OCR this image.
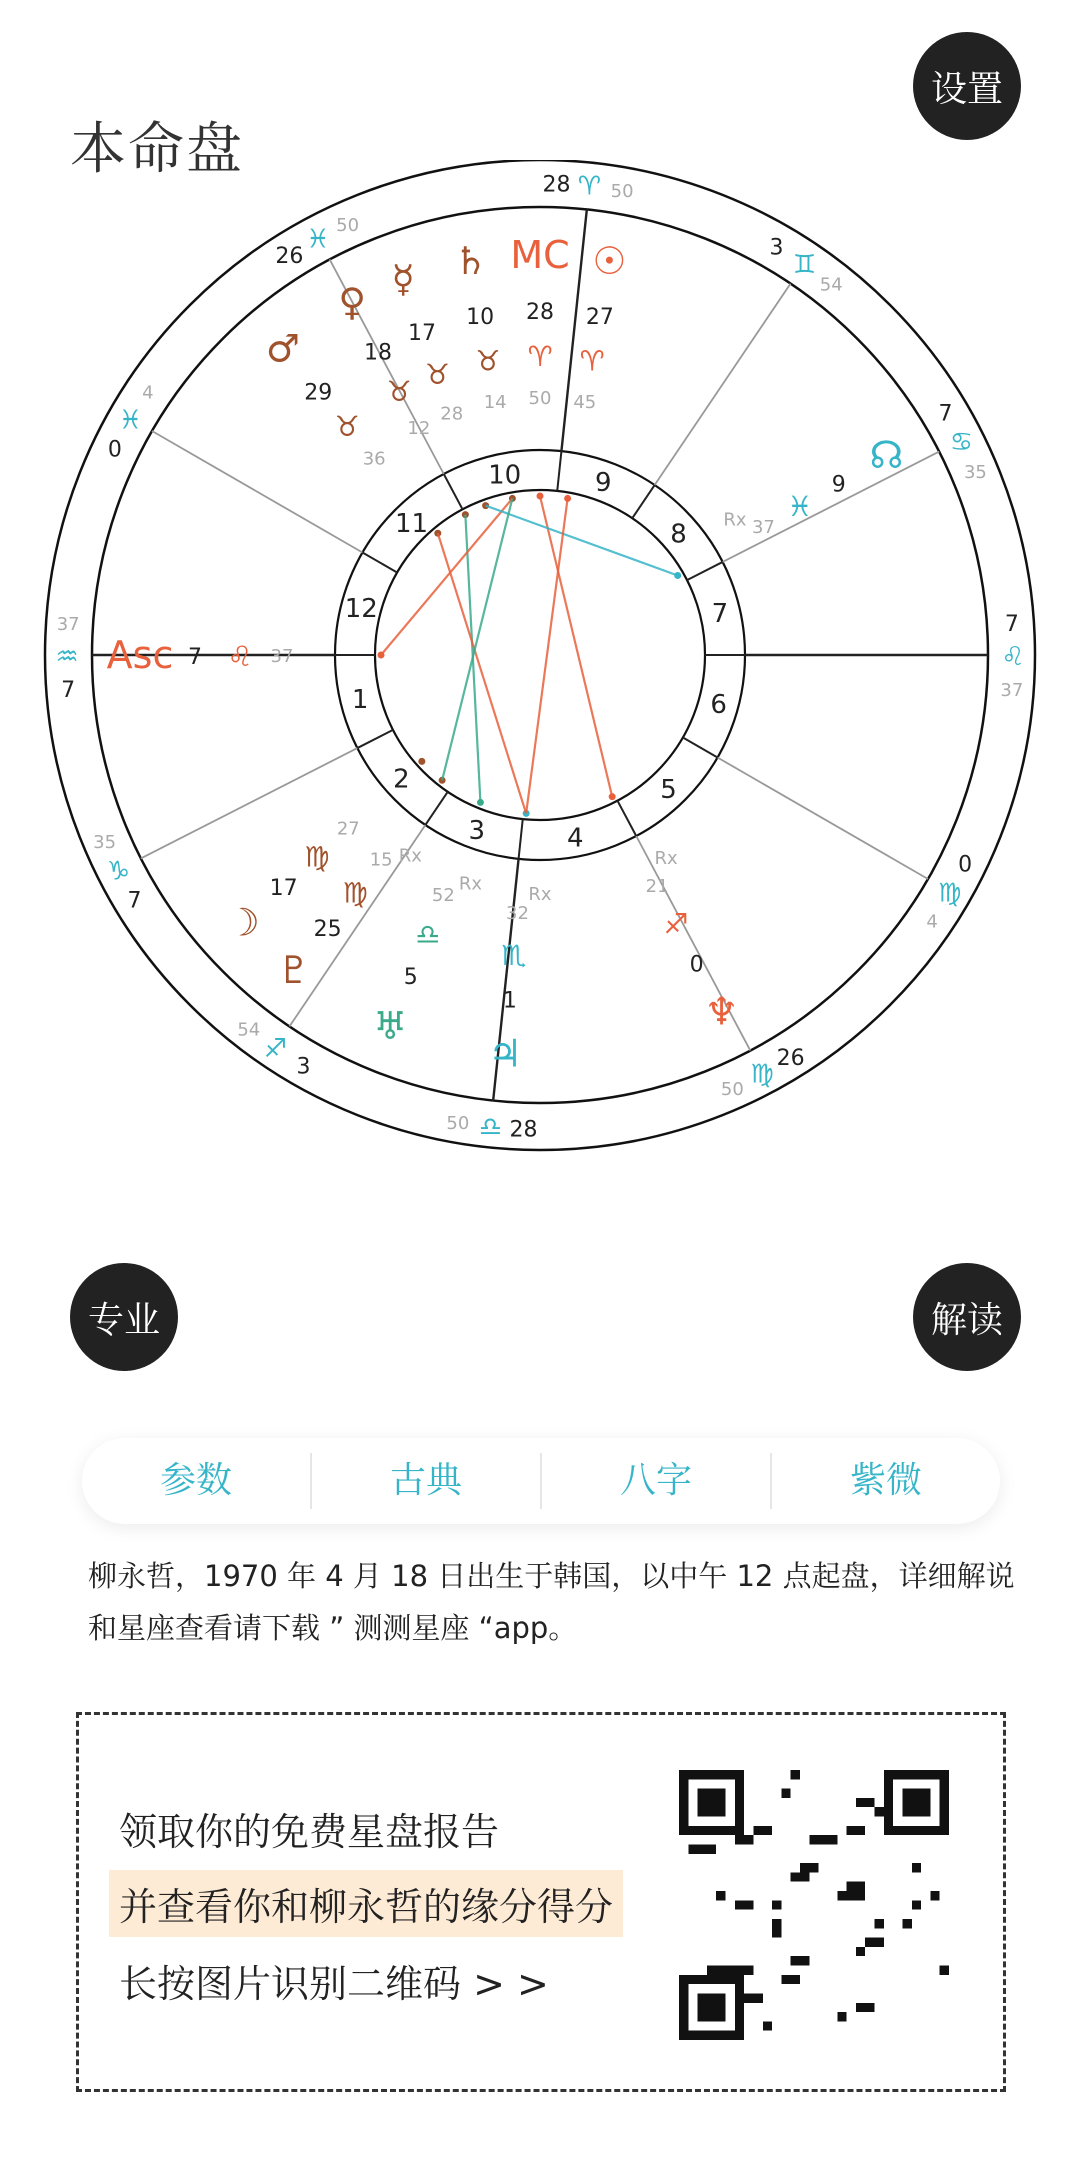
本命盘
设置
1
2
3	4
5
6
7
8
9
10
11
12
28 ♈ 50
26
♓ 50
0
♓
4
7
♒
37
7
♑
35
3
♐
54
28
♎
50
26
♍
50
0
♍
4
7
♌
37
7
♋
35
3
♊
54
♂
29
♉
36
♀
18
♉
12
☿
17
♉
28
♄
10
♉
14
MC
28
♈
50
☉
27
♈
45
☊
9
♓
37
Rx
Asc 7 ♌ 37
☽
17
♍
27
♇
25
♍
15 Rx
♅
5
♎
52
Rx
♃
1
♏
32
Rx
♆
0
♐
21
Rx
专业	解读
参数	古典	八字	紫微
柳永哲，1970 年 4 月 18 日出生于韩国，以中午 12 点起盘，详细解说和星座查看请下载 ” 测测星座 “app。
领取你的免费星盘报告
并查看你和柳永哲的缘分得分
长按图片识别二维码 > >
